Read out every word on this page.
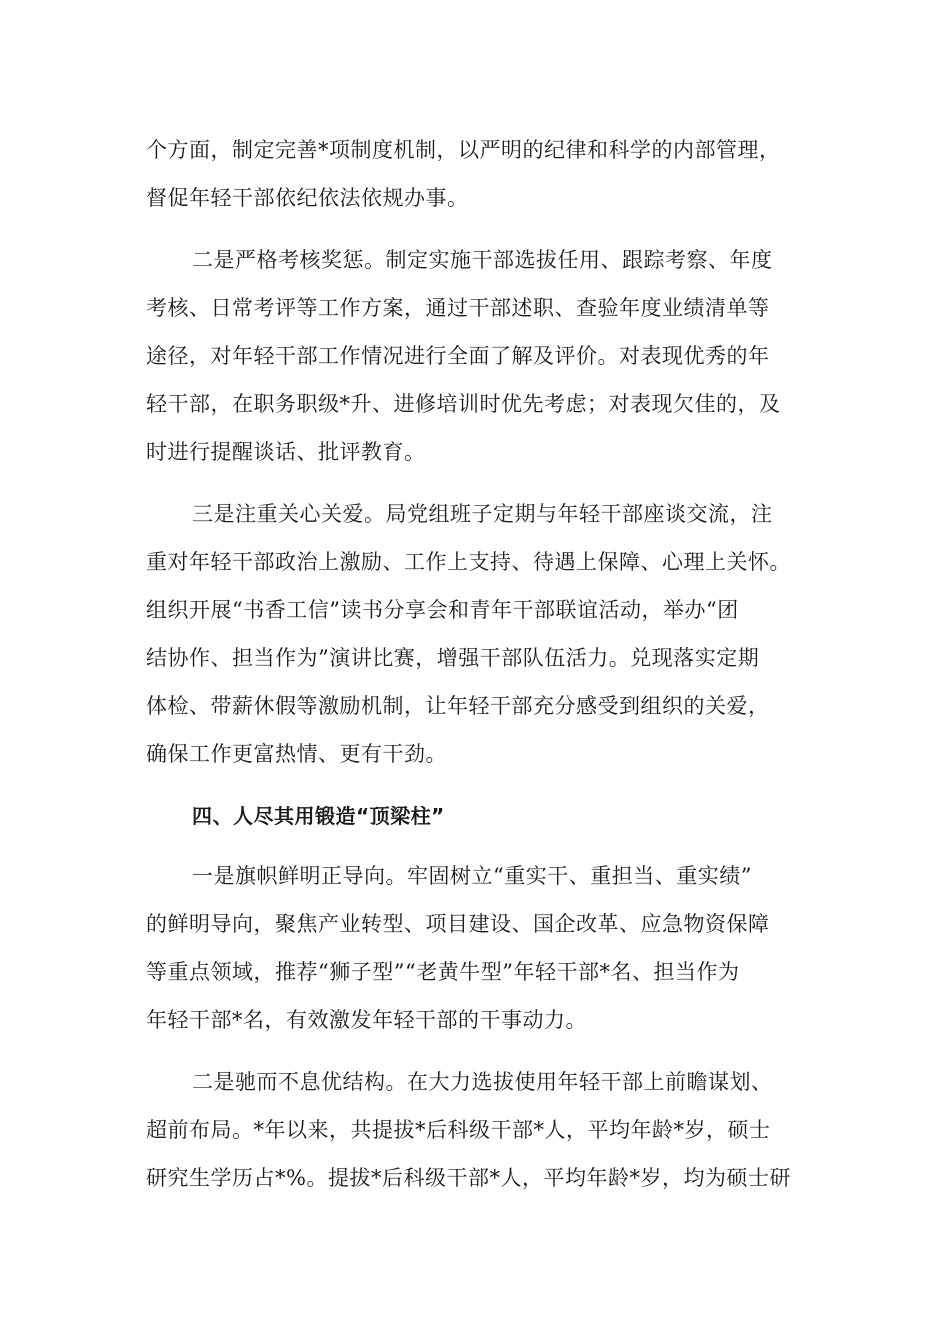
个方面，制定完善*项制度机制，以严明的纪律和科学的内部管理，
督促年轻干部依纪依法依规办事。

二是严格考核奖惩。制定实施干部选拔任用、跟踪考察、年度
考核、日常考评等工作方案，通过干部述职、查验年度业绩清单等
途径，对年轻干部工作情况进行全面了解及评价。对表现优秀的年
轻干部，在职务职级*升、进修培训时优先考虑；对表现欠佳的，及
时进行提醒谈话、批评教育。

三是注重关心关爱。局党组班子定期与年轻干部座谈交流，注
重对年轻干部政治上激励、工作上支持、待遇上保障、心理上关怀。
组织开展“书香工信”读书分享会和青年干部联谊活动，举办“团
结协作、担当作为”演讲比赛，增强干部队伍活力。兑现落实定期
体检、带薪休假等激励机制，让年轻干部充分感受到组织的关爱，
确保工作更富热情、更有干劲。

四、人尽其用锻造“顶梁柱”

一是旗帜鲜明正导向。牢固树立“重实干、重担当、重实绩”
的鲜明导向，聚焦产业转型、项目建设、国企改革、应急物资保障
等重点领域，推荐“狮子型”“老黄牛型”年轻干部*名、担当作为
年轻干部*名，有效激发年轻干部的干事动力。

二是驰而不息优结构。在大力选拔使用年轻干部上前瞻谋划、
超前布局。*年以来，共提拔*后科级干部*人，平均年龄*岁，硕士
研究生学历占*%。提拔*后科级干部*人，平均年龄*岁，均为硕士研
